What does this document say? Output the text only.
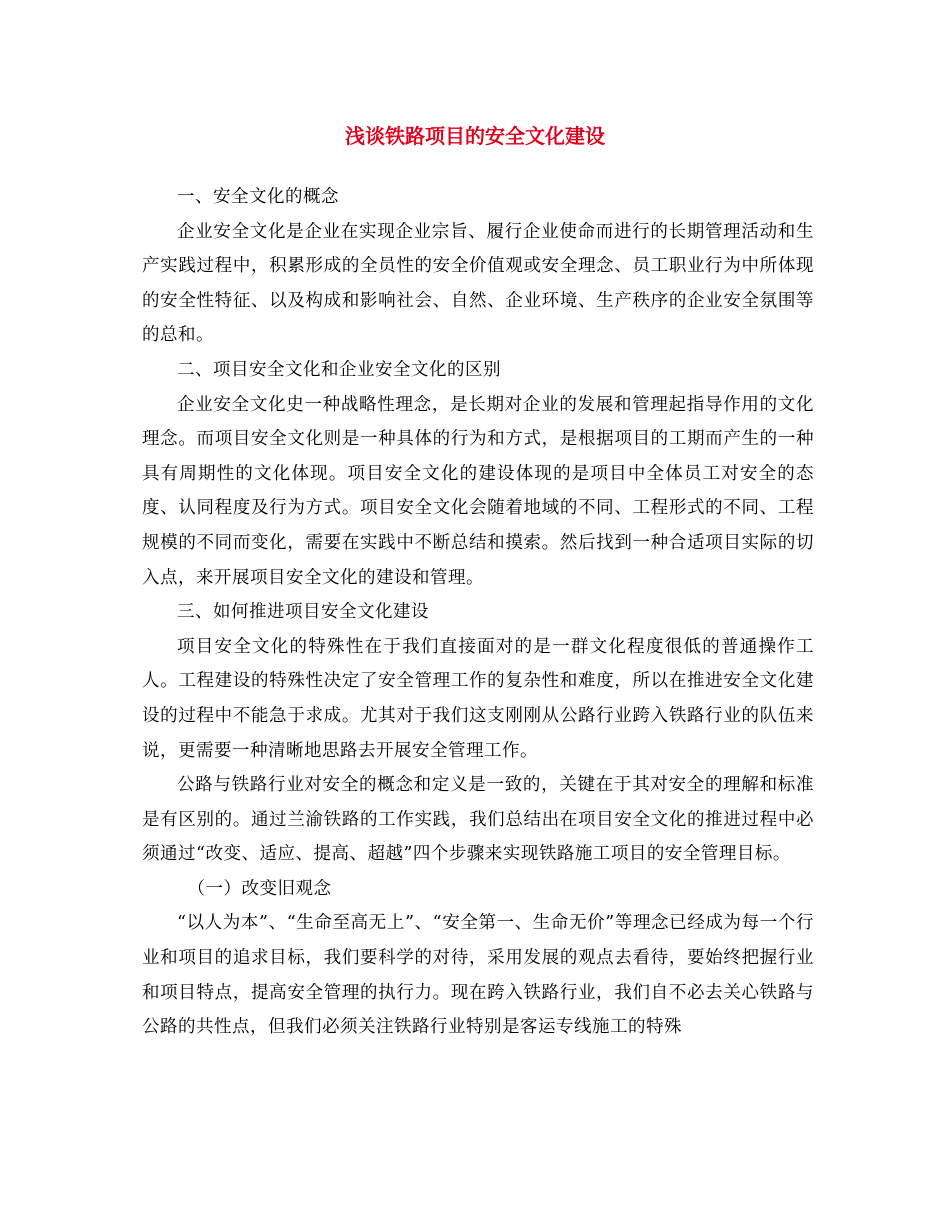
浅谈铁路项目的安全文化建设

一、安全文化的概念

企业安全文化是企业在实现企业宗旨、履行企业使命而进行的长期管理活动和生产实践过程中，积累形成的全员性的安全价值观或安全理念、员工职业行为中所体现的安全性特征、以及构成和影响社会、自然、企业环境、生产秩序的企业安全氛围等的总和。

二、项目安全文化和企业安全文化的区别

企业安全文化史一种战略性理念，是长期对企业的发展和管理起指导作用的文化理念。而项目安全文化则是一种具体的行为和方式，是根据项目的工期而产生的一种具有周期性的文化体现。项目安全文化的建设体现的是项目中全体员工对安全的态度、认同程度及行为方式。项目安全文化会随着地域的不同、工程形式的不同、工程规模的不同而变化，需要在实践中不断总结和摸索。然后找到一种合适项目实际的切入点，来开展项目安全文化的建设和管理。

三、如何推进项目安全文化建设

项目安全文化的特殊性在于我们直接面对的是一群文化程度很低的普通操作工人。工程建设的特殊性决定了安全管理工作的复杂性和难度，所以在推进安全文化建设的过程中不能急于求成。尤其对于我们这支刚刚从公路行业跨入铁路行业的队伍来说，更需要一种清晰地思路去开展安全管理工作。

公路与铁路行业对安全的概念和定义是一致的，关键在于其对安全的理解和标准是有区别的。通过兰渝铁路的工作实践，我们总结出在项目安全文化的推进过程中必须通过“改变、适应、提高、超越”四个步骤来实现铁路施工项目的安全管理目标。

（一）改变旧观念

“以人为本”、“生命至高无上”、“安全第一、生命无价”等理念已经成为每一个行业和项目的追求目标，我们要科学的对待，采用发展的观点去看待，要始终把握行业和项目特点，提高安全管理的执行力。现在跨入铁路行业，我们自不必去关心铁路与公路的共性点，但我们必须关注铁路行业特别是客运专线施工的特殊
